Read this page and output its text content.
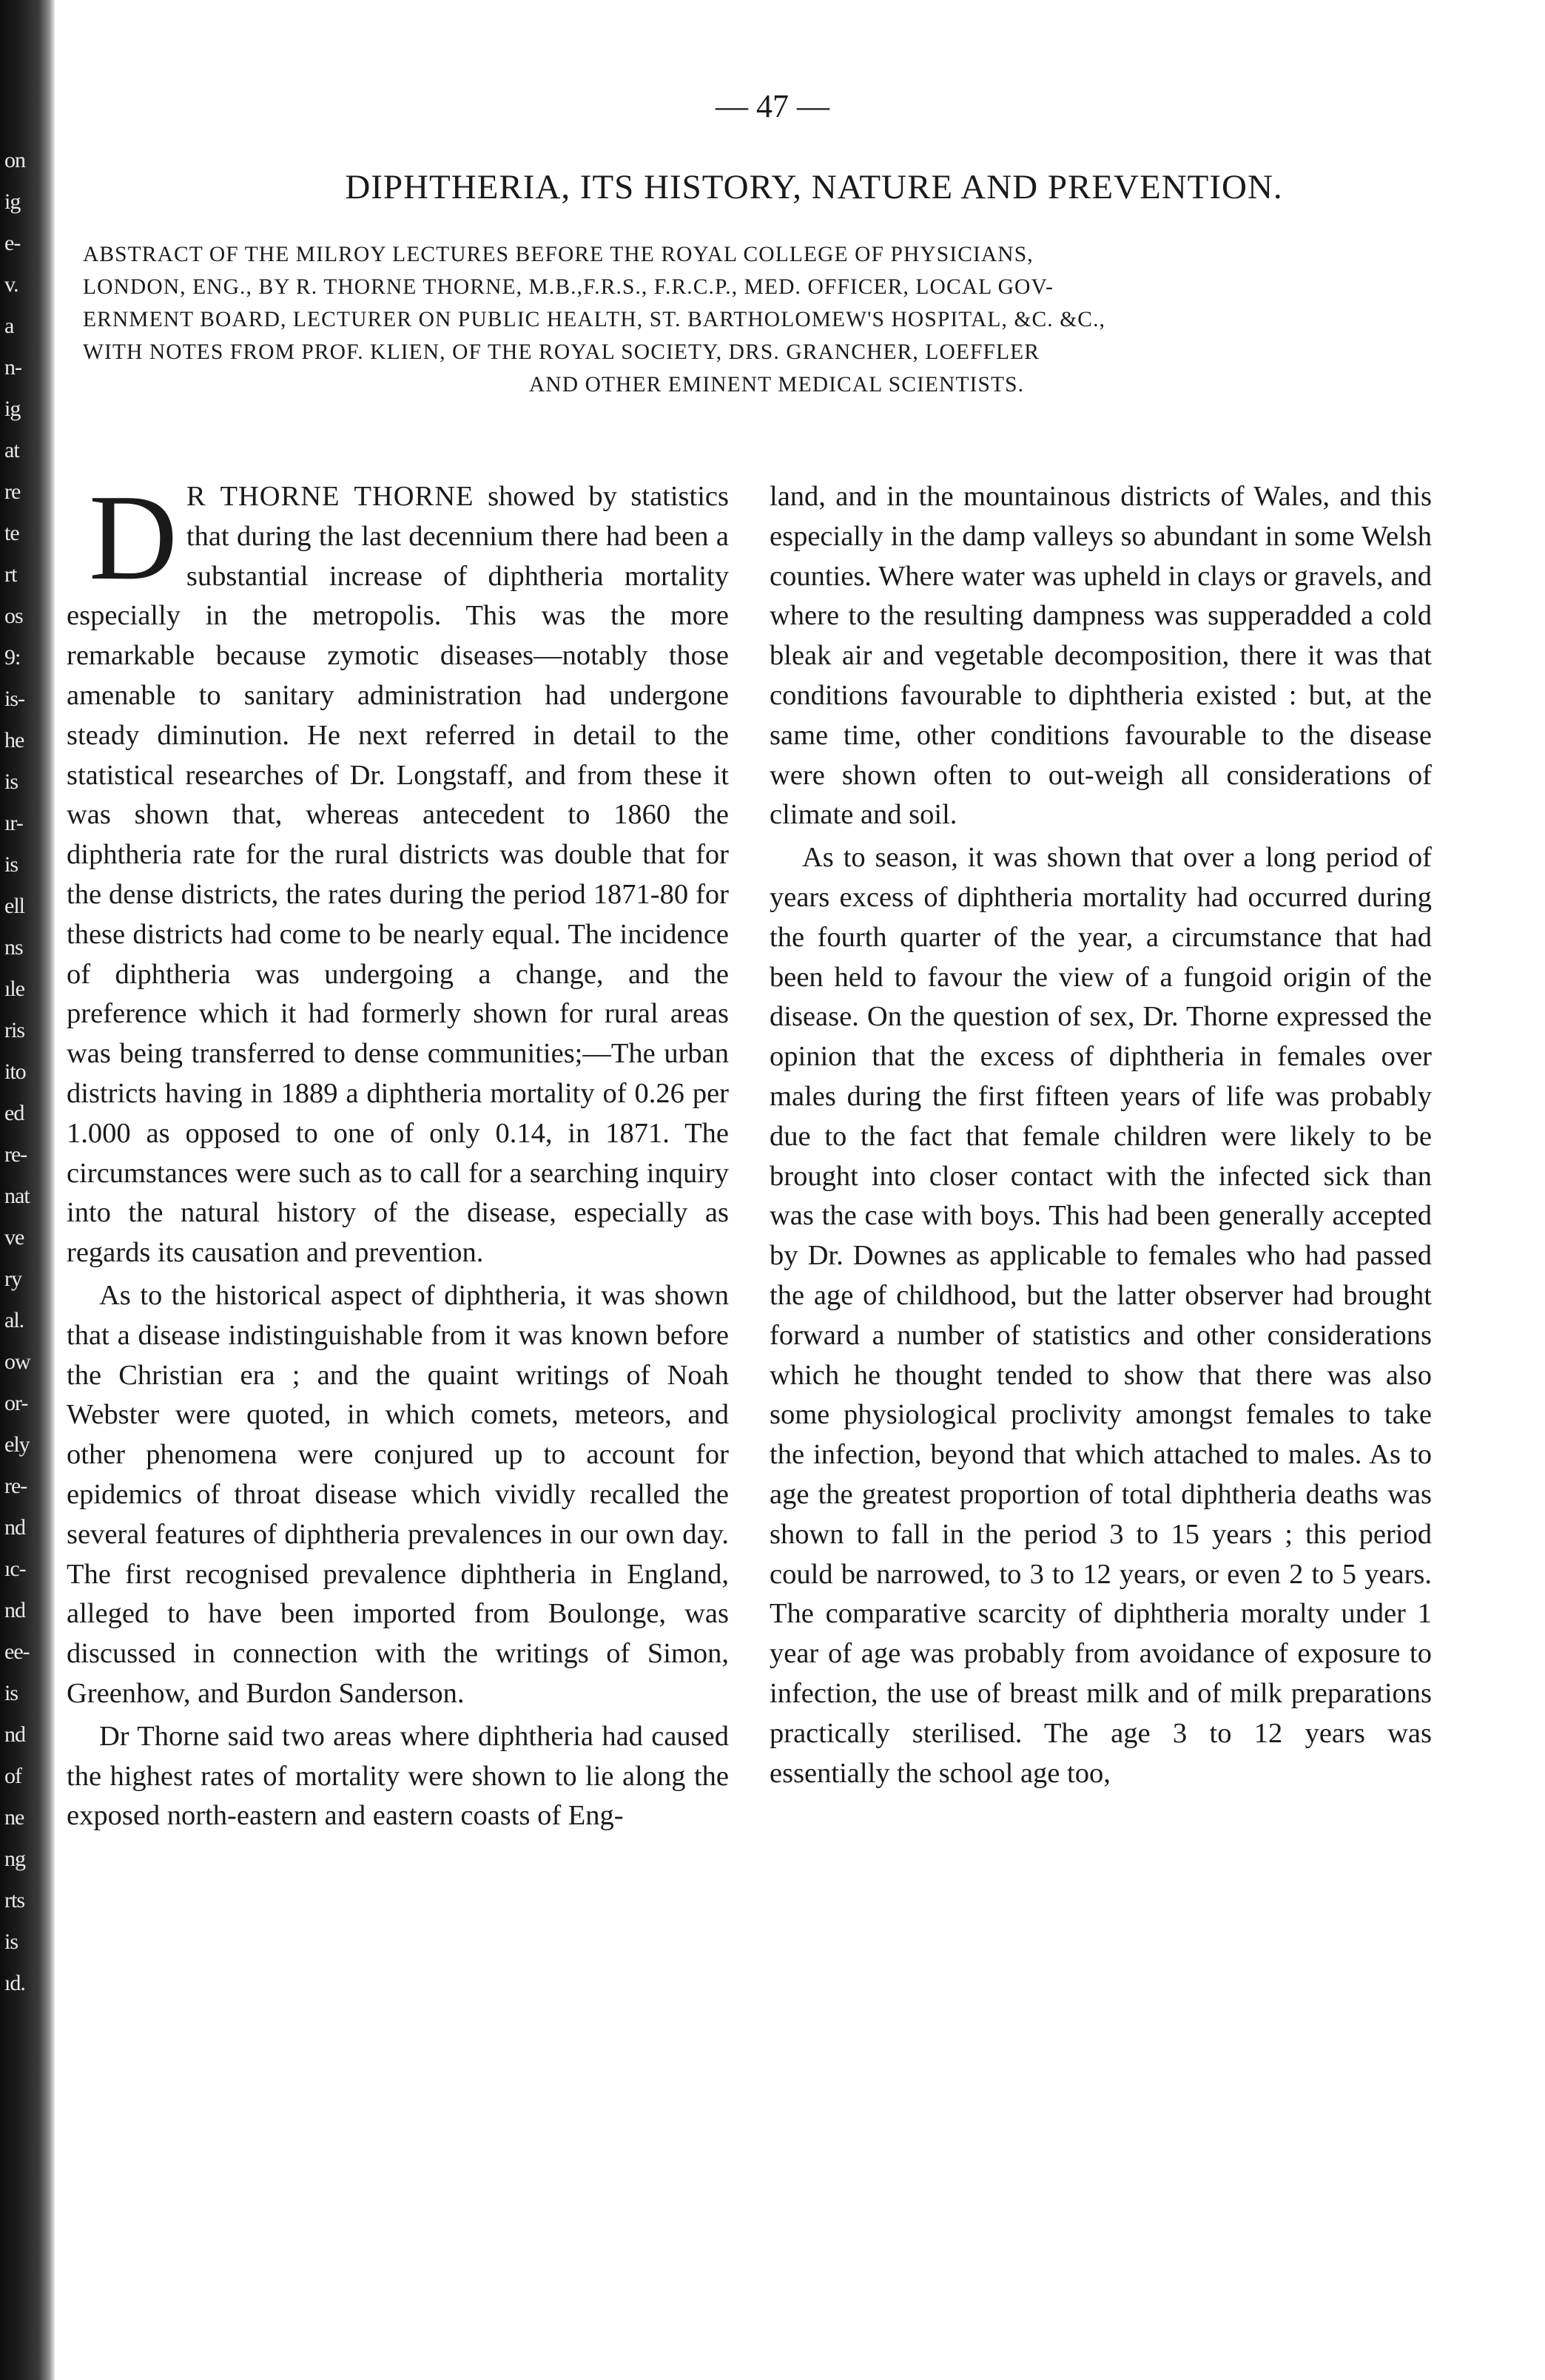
on
ig
e-
v.
a
n-
ig
at
re
te
rt
os
9:
is-
he
is
ır-
is
ell
ns
ıle
ris
ito
ed
re-
nat
ve
ry
al.
ow
or-
ely
re-
nd
ıc-
nd
ee-
is
nd
of
ne
ng
rts
is
ıd.
— 47 —
DIPHTHERIA, ITS HISTORY, NATURE AND PREVENTION.
ABSTRACT OF THE MILROY LECTURES BEFORE THE ROYAL COLLEGE OF PHYSICIANS,
LONDON, ENG., BY R. THORNE THORNE, M.B.,F.R.S., F.R.C.P., MED. OFFICER, LOCAL GOV-
ERNMENT BOARD, LECTURER ON PUBLIC HEALTH, ST. BARTHOLOMEW'S HOSPITAL, &C. &C.,
WITH NOTES FROM PROF. KLIEN, OF THE ROYAL SOCIETY, DRS. GRANCHER, LOEFFLER
AND OTHER EMINENT MEDICAL SCIENTISTS.

D R THORNE THORNE showed by statistics that during the last decennium there had been a substantial increase of diphtheria mortality especially in the metropolis. This was the more remarkable because zymotic diseases—notably those amenable to sanitary administration had undergone steady diminution. He next referred in detail to the statistical researches of Dr. Longstaff, and from these it was shown that, whereas antecedent to 1860 the diphtheria rate for the rural districts was double that for the dense districts, the rates during the period 1871-80 for these districts had come to be nearly equal. The incidence of diphtheria was undergoing a change, and the preference which it had formerly shown for rural areas was being transferred to dense communities;—The urban districts having in 1889 a diphtheria mortality of 0.26 per 1.000 as opposed to one of only 0.14, in 1871. The circumstances were such as to call for a searching inquiry into the natural history of the disease, especially as regards its causation and prevention.

As to the historical aspect of diphtheria, it was shown that a disease indistinguishable from it was known before the Christian era ; and the quaint writings of Noah Webster were quoted, in which comets, meteors, and other phenomena were conjured up to account for epidemics of throat disease which vividly recalled the several features of diphtheria prevalences in our own day. The first recognised prevalence diphtheria in England, alleged to have been imported from Boulonge, was discussed in connection with the writings of Simon, Greenhow, and Burdon Sanderson.

Dr Thorne said two areas where diphtheria had caused the highest rates of mortality were shown to lie along the exposed north-eastern and eastern coasts of Eng-

land, and in the mountainous districts of Wales, and this especially in the damp valleys so abundant in some Welsh counties. Where water was upheld in clays or gravels, and where to the resulting dampness was supperadded a cold bleak air and vegetable decomposition, there it was that conditions favourable to diphtheria existed : but, at the same time, other conditions favourable to the disease were shown often to out-weigh all considerations of climate and soil.

As to season, it was shown that over a long period of years excess of diphtheria mortality had occurred during the fourth quarter of the year, a circumstance that had been held to favour the view of a fungoid origin of the disease. On the question of sex, Dr. Thorne expressed the opinion that the excess of diphtheria in females over males during the first fifteen years of life was probably due to the fact that female children were likely to be brought into closer contact with the infected sick than was the case with boys. This had been generally accepted by Dr. Downes as applicable to females who had passed the age of childhood, but the latter observer had brought forward a number of statistics and other considerations which he thought tended to show that there was also some physiological proclivity amongst females to take the infection, beyond that which attached to males. As to age the greatest proportion of total diphtheria deaths was shown to fall in the period 3 to 15 years ; this period could be narrowed, to 3 to 12 years, or even 2 to 5 years. The comparative scarcity of diphtheria moralty under 1 year of age was probably from avoidance of exposure to infection, the use of breast milk and of milk preparations practically sterilised. The age 3 to 12 years was essentially the school age too,
